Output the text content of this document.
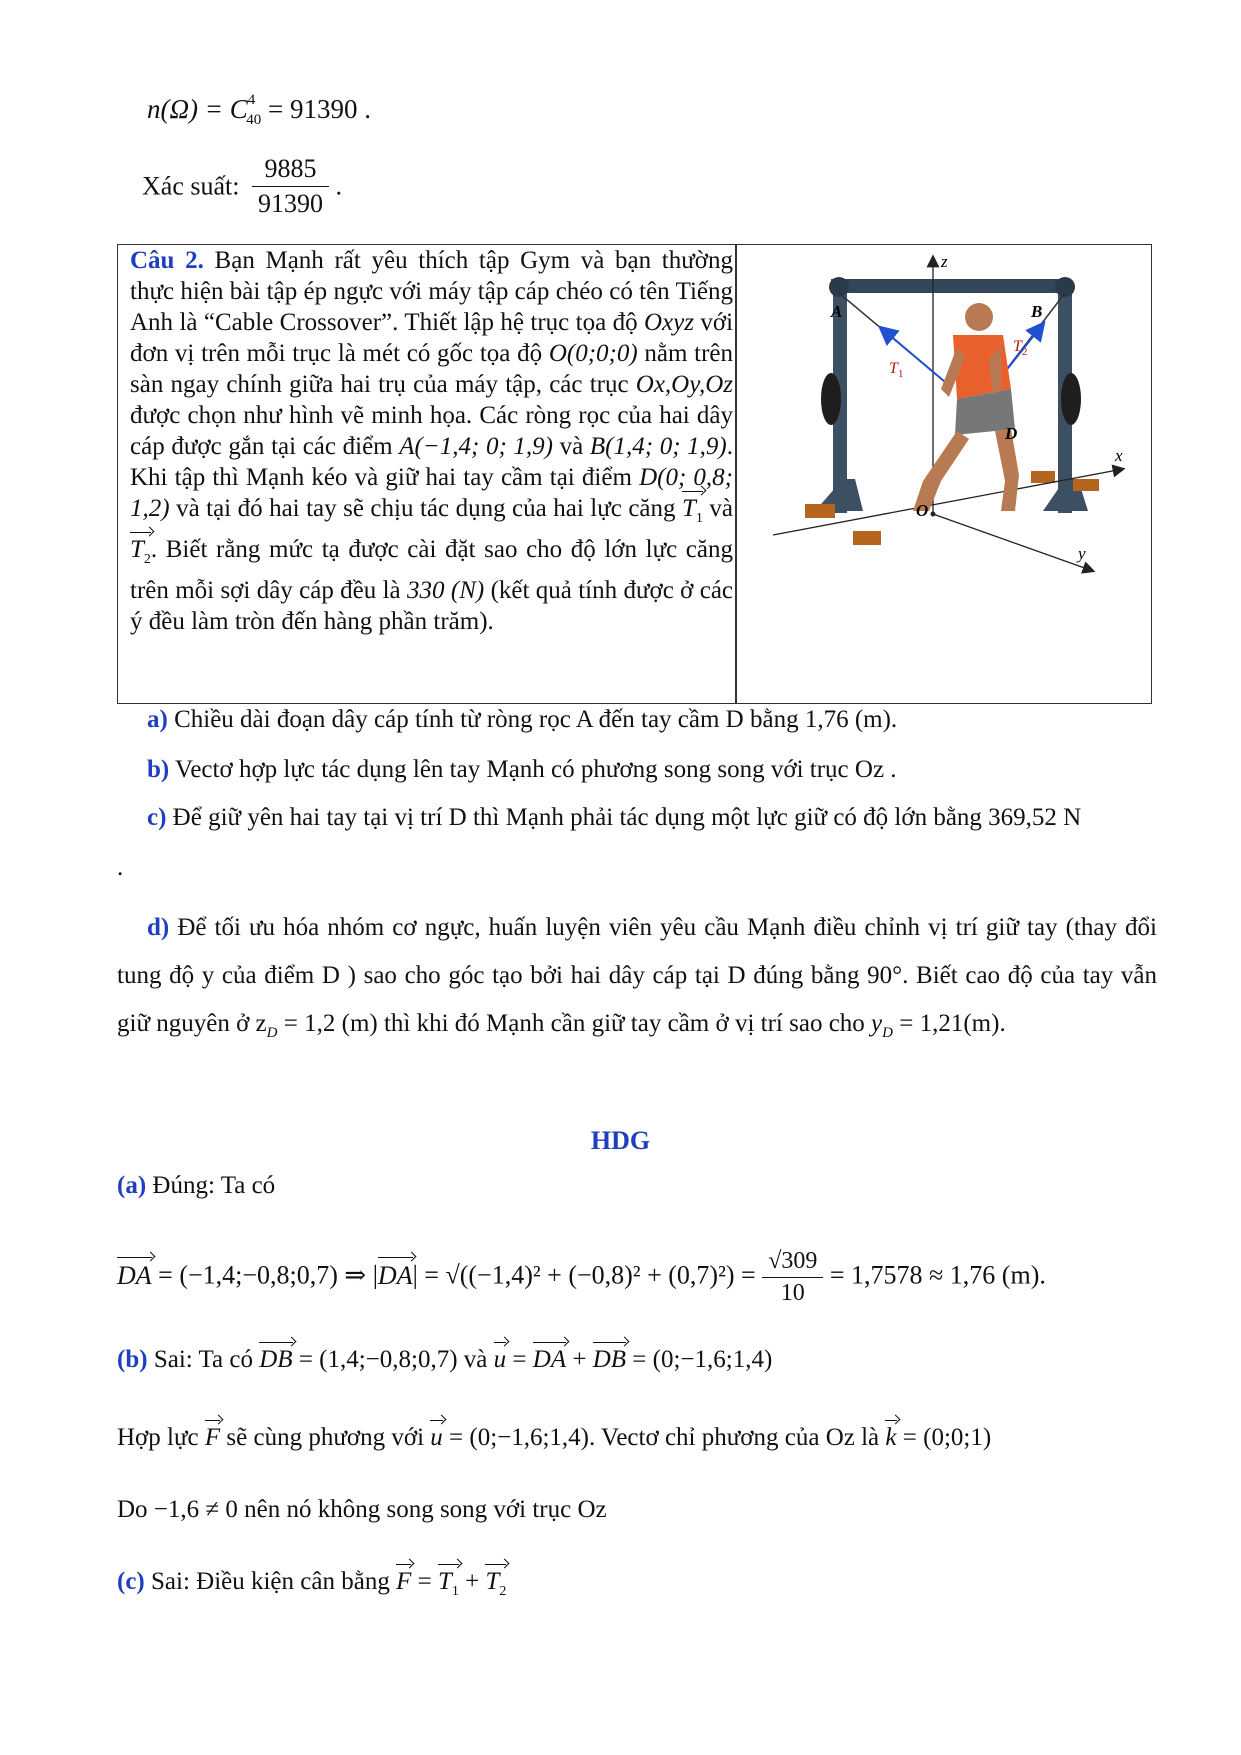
$n(\Omega) = C^4_{40} = 91390$ .
Xác suất: $\frac{9885}{91390}$ .
Câu 2. Bạn Mạnh rất yêu thích tập Gym và bạn thường thực hiện bài tập ép ngực với máy tập cáp chéo có tên Tiếng Anh là “Cable Crossover”. Thiết lập hệ trục tọa độ Oxyz với đơn vị trên mỗi trục là mét có gốc tọa độ O(0;0;0) nằm trên sàn ngay chính giữa hai trụ của máy tập, các trục Ox,Oy,Oz được chọn như hình vẽ minh họa. Các ròng rọc của hai dây cáp được gắn tại các điểm A(−1,4; 0; 1,9) và B(1,4; 0; 1,9). Khi tập thì Mạnh kéo và giữ hai tay cầm tại điểm D(0; 0,8; 1,2) và tại đó hai tay sẽ chịu tác dụng của hai lực căng $T_1$ và $T_2$. Biết rằng mức tạ được cài đặt sao cho độ lớn lực căng trên mỗi sợi dây cáp đều là 330 (N) (kết quả tính được ở các ý đều làm tròn đến hàng phần trăm).
z
x
y
O
A	B
D
T 1
T 2
a) Chiều dài đoạn dây cáp tính từ ròng rọc A đến tay cầm D bằng 1,76 (m).
b) Vectơ hợp lực tác dụng lên tay Mạnh có phương song song với trục Oz .
c) Để giữ yên hai tay tại vị trí D thì Mạnh phải tác dụng một lực giữ có độ lớn bằng 369,52 N
.
d) Để tối ưu hóa nhóm cơ ngực, huấn luyện viên yêu cầu Mạnh điều chỉnh vị trí giữ tay (thay đổi tung độ y của điểm D ) sao cho góc tạo bởi hai dây cáp tại D đúng bằng 90°. Biết cao độ của tay vẫn giữ nguyên ở $z_D = 1,2$ (m) thì khi đó Mạnh cần giữ tay cầm ở vị trí sao cho $y_D = 1,21(m)$.
HDG
(a) Đúng: Ta có
DA = (−1,4;−0,8;0,7) ⇒ $|DA| = √((-1,4)^2 + (-0,8)^2 + (0,7)^2) = \frac{√309}{10} = 1,7578 \approx 1,76$ (m).
(b) Sai: Ta có DB = (1,4;−0,8;0,7) và u = DA + DB = (0;−1,6;1,4)
Hợp lực F sẽ cùng phương với u = (0;−1,6;1,4). Vectơ chỉ phương của Oz là k = (0;0;1)
Do −1,6 ≠ 0 nên nó không song song với trục Oz
(c) Sai: Điều kiện cân bằng $F = T_1 + T_2$
